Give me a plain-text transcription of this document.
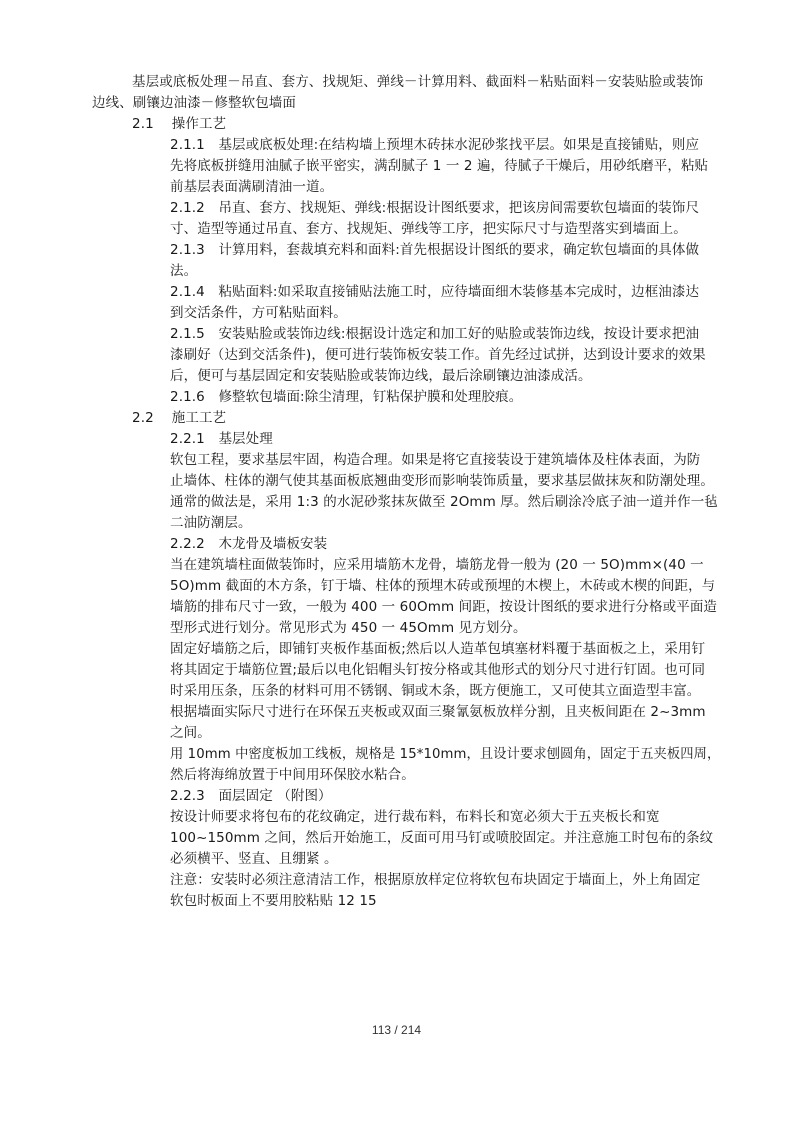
基层或底板处理－吊直、套方、找规矩、弹线－计算用料、截面料－粘贴面料－安装贴脸或装饰
边线、刷镶边油漆－修整软包墙面
2.1　 操作工艺
2.1.1　基层或底板处理:在结构墙上预埋木砖抹水泥砂浆找平层。如果是直接铺贴，则应
先将底板拼缝用油腻子嵌平密实，满刮腻子 1 一 2 遍，待腻子干燥后，用砂纸磨平，粘贴
前基层表面满刷清油一道。
2.1.2　吊直、套方、找规矩、弹线:根据设计图纸要求，把该房间需要软包墙面的装饰尺
寸、造型等通过吊直、套方、找规矩、弹线等工序，把实际尺寸与造型落实到墙面上。
2.1.3　计算用料，套裁填充料和面料:首先根据设计图纸的要求，确定软包墙面的具体做
法。
2.1.4　粘贴面料:如采取直接铺贴法施工时，应待墙面细木装修基本完成时，边框油漆达
到交活条件，方可粘贴面料。
2.1.5　安装贴脸或装饰边线:根据设计选定和加工好的贴脸或装饰边线，按设计要求把油
漆刷好（达到交活条件)，便可进行装饰板安装工作。首先经过试拼，达到设计要求的效果
后，便可与基层固定和安装贴脸或装饰边线，最后涂刷镶边油漆成活。
2.1.6　修整软包墙面:除尘清理，钉粘保护膜和处理胶痕。
2.2　 施工工艺
2.2.1　基层处理
软包工程，要求基层牢固，构造合理。如果是将它直接装设于建筑墙体及柱体表面，为防
止墙体、柱体的潮气使其基面板底翘曲变形而影响装饰质量，要求基层做抹灰和防潮处理。
通常的做法是，采用 1:3 的水泥砂浆抹灰做至 2Omm 厚。然后刷涂冷底子油一道并作一毡
二油防潮层。
2.2.2　木龙骨及墙板安装
当在建筑墙柱面做装饰时，应采用墙筋木龙骨，墙筋龙骨一般为 (20 一 5O)mm×(40 一
5O)mm 截面的木方条，钉于墙、柱体的预埋木砖或预埋的木楔上，木砖或木楔的间距，与
墙筋的排布尺寸一致，一般为 400 一 60Omm 间距，按设计图纸的要求进行分格或平面造
型形式进行划分。常见形式为 450 一 45Omm 见方划分。
固定好墙筋之后，即铺钉夹板作基面板;然后以人造革包填塞材料覆于基面板之上，采用钉
将其固定于墙筋位置;最后以电化铝帽头钉按分格或其他形式的划分尺寸进行钉固。也可同
时采用压条，压条的材料可用不锈钢、铜或木条，既方便施工，又可使其立面造型丰富。
根据墙面实际尺寸进行在环保五夹板或双面三聚氰氨板放样分割，且夹板间距在 2~3mm
之间。
用 10mm 中密度板加工线板，规格是 15*10mm，且设计要求刨圆角，固定于五夹板四周，
然后将海绵放置于中间用环保胶水粘合。
2.2.3　面层固定 （附图）
按设计师要求将包布的花纹确定，进行裁布料，布料长和宽必须大于五夹板长和宽
100~150mm 之间，然后开始施工，反面可用马钉或喷胶固定。并注意施工时包布的条纹
必须横平、竖直、且绷紧 。
注意：安装时必须注意清洁工作，根据原放样定位将软包布块固定于墙面上，外上角固定
软包时板面上不要用胶粘贴 12 15
113 / 214
